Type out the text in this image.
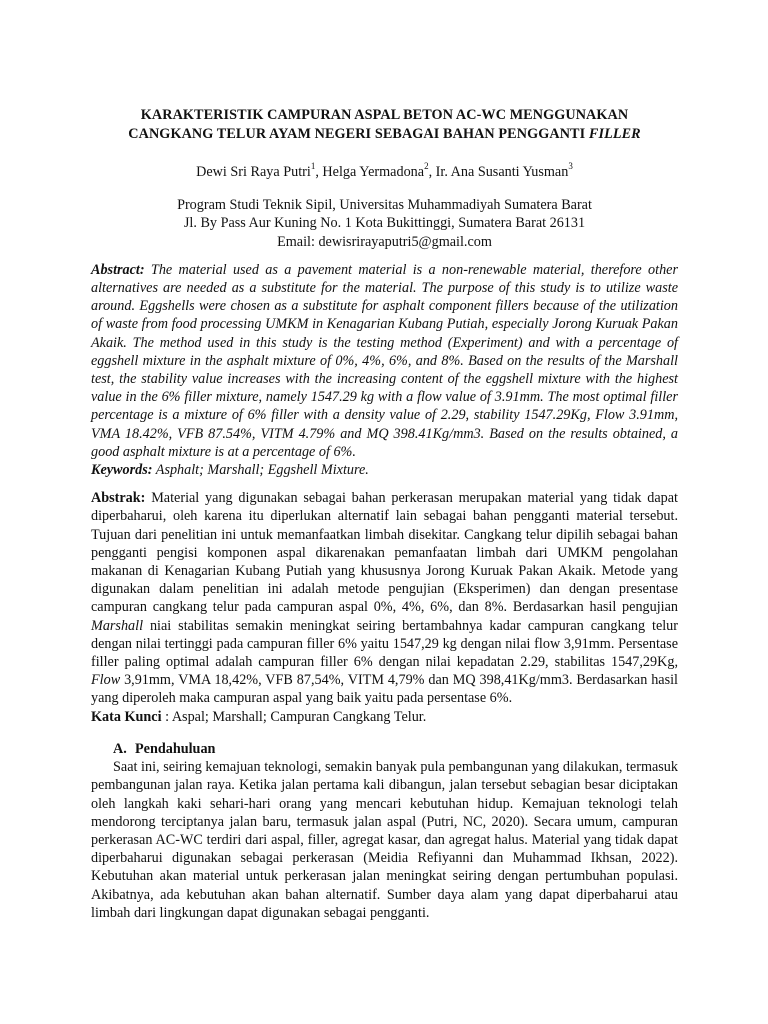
KARAKTERISTIK CAMPURAN ASPAL BETON AC-WC MENGGUNAKAN
CANGKANG TELUR AYAM NEGERI SEBAGAI BAHAN PENGGANTI FILLER

Dewi Sri Raya Putri$^1$, Helga Yermadona$^2$, Ir. Ana Susanti Yusman$^3$

Program Studi Teknik Sipil, Universitas Muhammadiyah Sumatera Barat
Jl. By Pass Aur Kuning No. 1 Kota Bukittinggi, Sumatera Barat 26131
Email: dewisrirayaputri5@gmail.com

Abstract: The material used as a pavement material is a non-renewable material, therefore other alternatives are needed as a substitute for the material. The purpose of this study is to utilize waste around. Eggshells were chosen as a substitute for asphalt component fillers because of the utilization of waste from food processing UMKM in Kenagarian Kubang Putiah, especially Jorong Kuruak Pakan Akaik. The method used in this study is the testing method (Experiment) and with a percentage of eggshell mixture in the asphalt mixture of 0%, 4%, 6%, and 8%. Based on the results of the Marshall test, the stability value increases with the increasing content of the eggshell mixture with the highest value in the 6% filler mixture, namely 1547.29 kg with a flow value of 3.91mm. The most optimal filler percentage is a mixture of 6% filler with a density value of 2.29, stability 1547.29Kg, Flow 3.91mm, VMA 18.42%, VFB 87.54%, VITM 4.79% and MQ 398.41Kg/mm3. Based on the results obtained, a good asphalt mixture is at a percentage of 6%.

Keywords: Asphalt; Marshall; Eggshell Mixture.

Abstrak: Material yang digunakan sebagai bahan perkerasan merupakan material yang tidak dapat diperbaharui, oleh karena itu diperlukan alternatif lain sebagai bahan pengganti material tersebut. Tujuan dari penelitian ini untuk memanfaatkan limbah disekitar. Cangkang telur dipilih sebagai bahan pengganti pengisi komponen aspal dikarenakan pemanfaatan limbah dari UMKM pengolahan makanan di Kenagarian Kubang Putiah yang khususnya Jorong Kuruak Pakan Akaik. Metode yang digunakan dalam penelitian ini adalah metode pengujian (Eksperimen) dan dengan presentase campuran cangkang telur pada campuran aspal 0%, 4%, 6%, dan 8%. Berdasarkan hasil pengujian Marshall niai stabilitas semakin meningkat seiring bertambahnya kadar campuran cangkang telur dengan nilai tertinggi pada campuran filler 6% yaitu 1547,29 kg dengan nilai flow 3,91mm. Persentase filler paling optimal adalah campuran filler 6% dengan nilai kepadatan 2.29, stabilitas 1547,29Kg, Flow 3,91mm, VMA 18,42%, VFB 87,54%, VITM 4,79% dan MQ 398,41Kg/mm3. Berdasarkan hasil yang diperoleh maka campuran aspal yang baik yaitu pada persentase 6%.

Kata Kunci : Aspal; Marshall; Campuran Cangkang Telur.

A. Pendahuluan

Saat ini, seiring kemajuan teknologi, semakin banyak pula pembangunan yang dilakukan, termasuk pembangunan jalan raya. Ketika jalan pertama kali dibangun, jalan tersebut sebagian besar diciptakan oleh langkah kaki sehari-hari orang yang mencari kebutuhan hidup. Kemajuan teknologi telah mendorong terciptanya jalan baru, termasuk jalan aspal (Putri, NC, 2020). Secara umum, campuran perkerasan AC-WC terdiri dari aspal, filler, agregat kasar, dan agregat halus. Material yang tidak dapat diperbaharui digunakan sebagai perkerasan (Meidia Refiyanni dan Muhammad Ikhsan, 2022). Kebutuhan akan material untuk perkerasan jalan meningkat seiring dengan pertumbuhan populasi. Akibatnya, ada kebutuhan akan bahan alternatif. Sumber daya alam yang dapat diperbaharui atau limbah dari lingkungan dapat digunakan sebagai pengganti.
